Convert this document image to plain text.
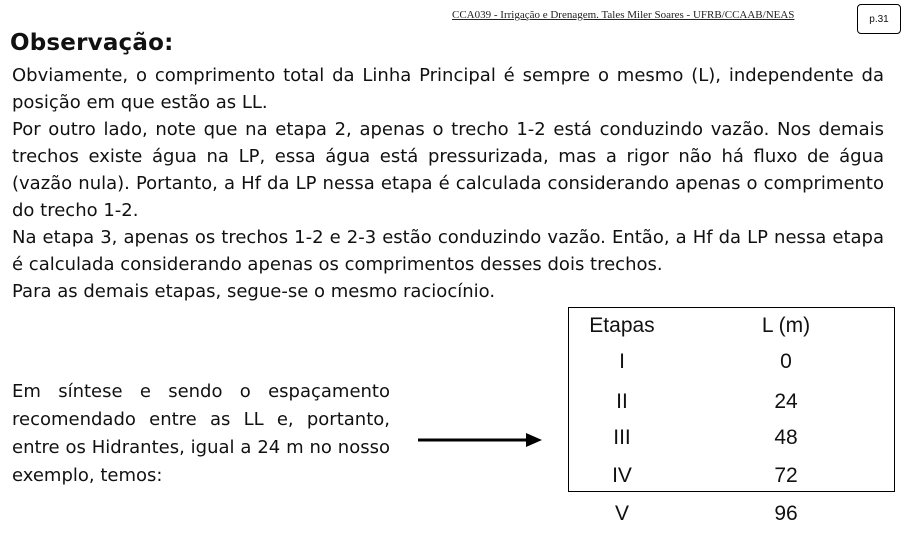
CCA039 - Irrigação e Drenagem. Tales Miler Soares - UFRB/CCAAB/NEAS	p.31
Observação:

Obviamente, o comprimento total da Linha Principal é sempre o mesmo (L), independente da posição em que estão as LL.

Por outro lado, note que na etapa 2, apenas o trecho 1-2 está conduzindo vazão. Nos demais trechos existe água na LP, essa água está pressurizada, mas a rigor não há fluxo de água (vazão nula). Portanto, a Hf da LP nessa etapa é calculada considerando apenas o comprimento do trecho 1-2.

Na etapa 3, apenas os trechos 1-2 e 2-3 estão conduzindo vazão. Então, a Hf da LP nessa etapa é calculada considerando apenas os comprimentos desses dois trechos.

Para as demais etapas, segue-se o mesmo raciocínio.

Em síntese e sendo o espaçamento recomendado entre as LL e, portanto, entre os Hidrantes, igual a 24 m no nosso exemplo, temos:
Etapas
I
II
III
IV
V
L (m)
0
24
48
72
96
